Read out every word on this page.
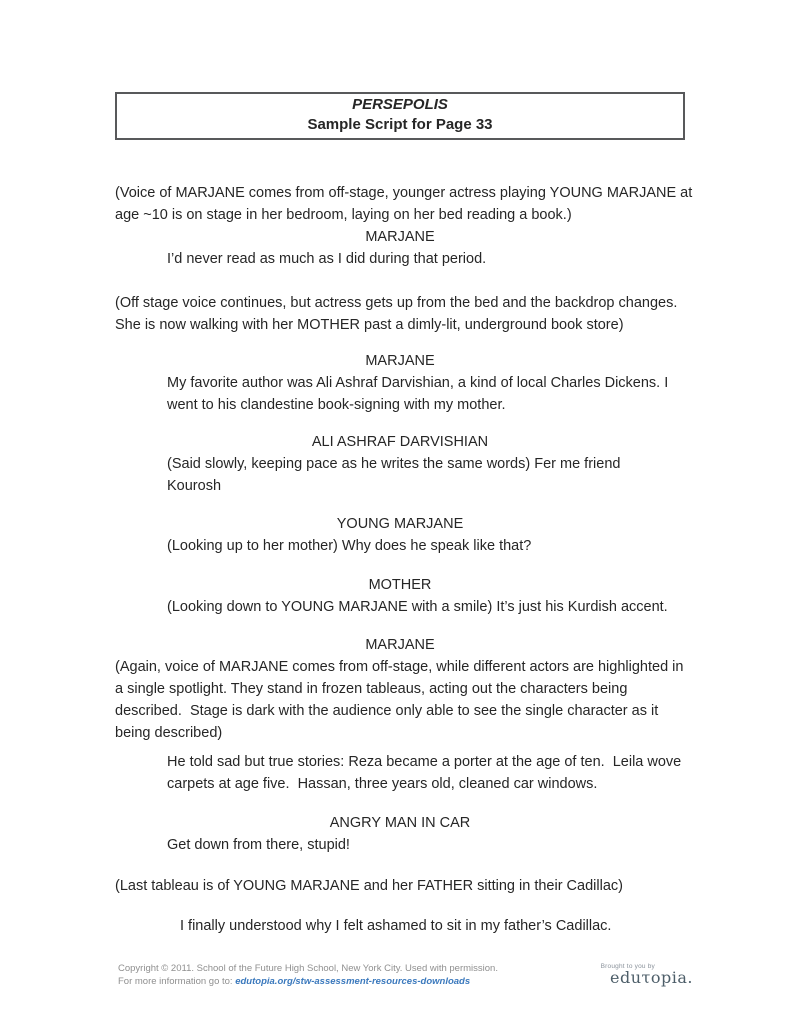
PERSEPOLIS
Sample Script for Page 33
(Voice of MARJANE comes from off-stage, younger actress playing YOUNG MARJANE at
age ~10 is on stage in her bedroom, laying on her bed reading a book.)
MARJANE
I’d never read as much as I did during that period.
(Off stage voice continues, but actress gets up from the bed and the backdrop changes.
She is now walking with her MOTHER past a dimly-lit, underground book store)
MARJANE
My favorite author was Ali Ashraf Darvishian, a kind of local Charles Dickens. I
went to his clandestine book-signing with my mother.
ALI ASHRAF DARVISHIAN
(Said slowly, keeping pace as he writes the same words) Fer me friend
Kourosh
YOUNG MARJANE
(Looking up to her mother) Why does he speak like that?
MOTHER
(Looking down to YOUNG MARJANE with a smile) It’s just his Kurdish accent.
MARJANE
(Again, voice of MARJANE comes from off-stage, while different actors are highlighted in
a single spotlight. They stand in frozen tableaus, acting out the characters being
described.  Stage is dark with the audience only able to see the single character as it
being described)
He told sad but true stories: Reza became a porter at the age of ten.  Leila wove
carpets at age five.  Hassan, three years old, cleaned car windows.
ANGRY MAN IN CAR
Get down from there, stupid!
(Last tableau is of YOUNG MARJANE and her FATHER sitting in their Cadillac)
I finally understood why I felt ashamed to sit in my father’s Cadillac.
Copyright © 2011. School of the Future High School, New York City. Used with permission.
For more information go to: edutopia.org/stw-assessment-resources-downloads
Brought to you by
eduτopia.
